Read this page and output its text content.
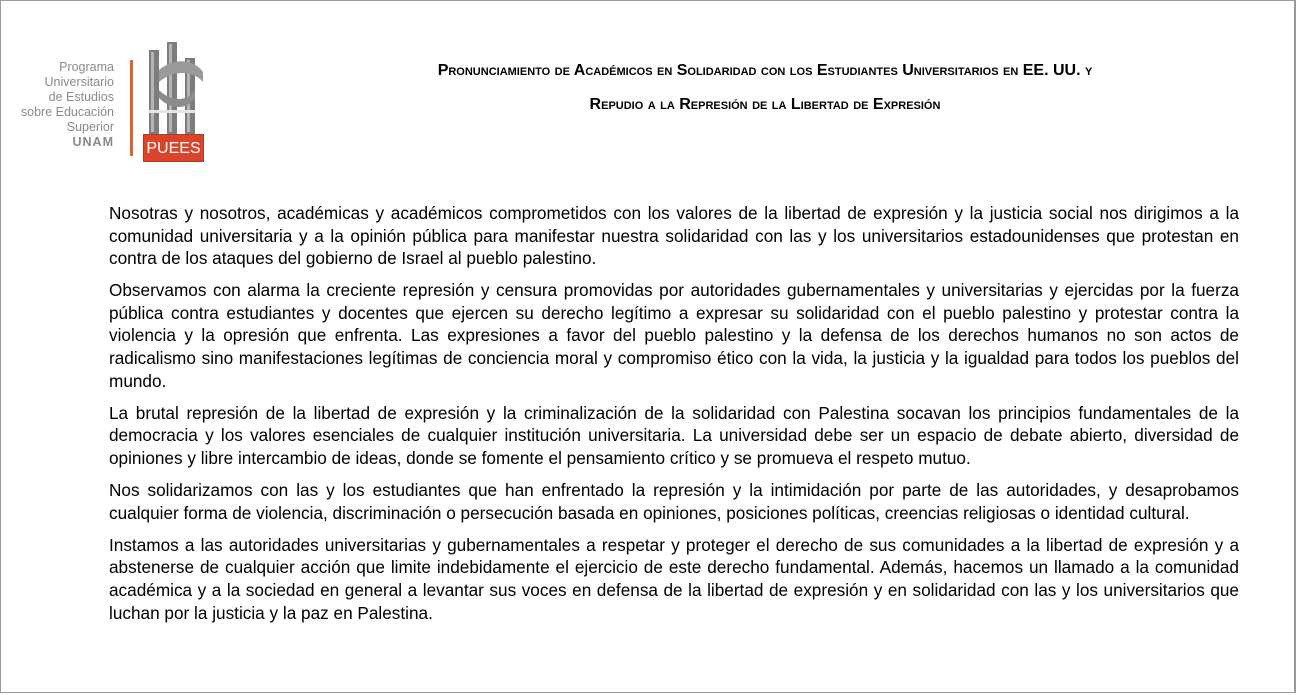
Programa
Universitario
de Estudios
sobre Educación
Superior
UNAM PUEES
Pronunciamiento de Académicos en Solidaridad con los Estudiantes Universitarios en EE. UU. y
Repudio a la Represión de la Libertad de Expresión

Nosotras y nosotros, académicas y académicos comprometidos con los valores de la libertad de expresión y la justicia social nos dirigimos a la comunidad universitaria y a la opinión pública para manifestar nuestra solidaridad con las y los universitarios estadounidenses que protestan en contra de los ataques del gobierno de Israel al pueblo palestino.

Observamos con alarma la creciente represión y censura promovidas por autoridades gubernamentales y universitarias y ejercidas por la fuerza pública contra estudiantes y docentes que ejercen su derecho legítimo a expresar su solidaridad con el pueblo palestino y protestar contra la violencia y la opresión que enfrenta. Las expresiones a favor del pueblo palestino y la defensa de los derechos humanos no son actos de radicalismo sino manifestaciones legítimas de conciencia moral y compromiso ético con la vida, la justicia y la igualdad para todos los pueblos del mundo.

La brutal represión de la libertad de expresión y la criminalización de la solidaridad con Palestina socavan los principios fundamentales de la democracia y los valores esenciales de cualquier institución universitaria. La universidad debe ser un espacio de debate abierto, diversidad de opiniones y libre intercambio de ideas, donde se fomente el pensamiento crítico y se promueva el respeto mutuo.

Nos solidarizamos con las y los estudiantes que han enfrentado la represión y la intimidación por parte de las autoridades, y desaprobamos cualquier forma de violencia, discriminación o persecución basada en opiniones, posiciones políticas, creencias religiosas o identidad cultural.

Instamos a las autoridades universitarias y gubernamentales a respetar y proteger el derecho de sus comunidades a la libertad de expresión y a abstenerse de cualquier acción que limite indebidamente el ejercicio de este derecho fundamental. Además, hacemos un llamado a la comunidad académica y a la sociedad en general a levantar sus voces en defensa de la libertad de expresión y en solidaridad con las y los universitarios que luchan por la justicia y la paz en Palestina.
